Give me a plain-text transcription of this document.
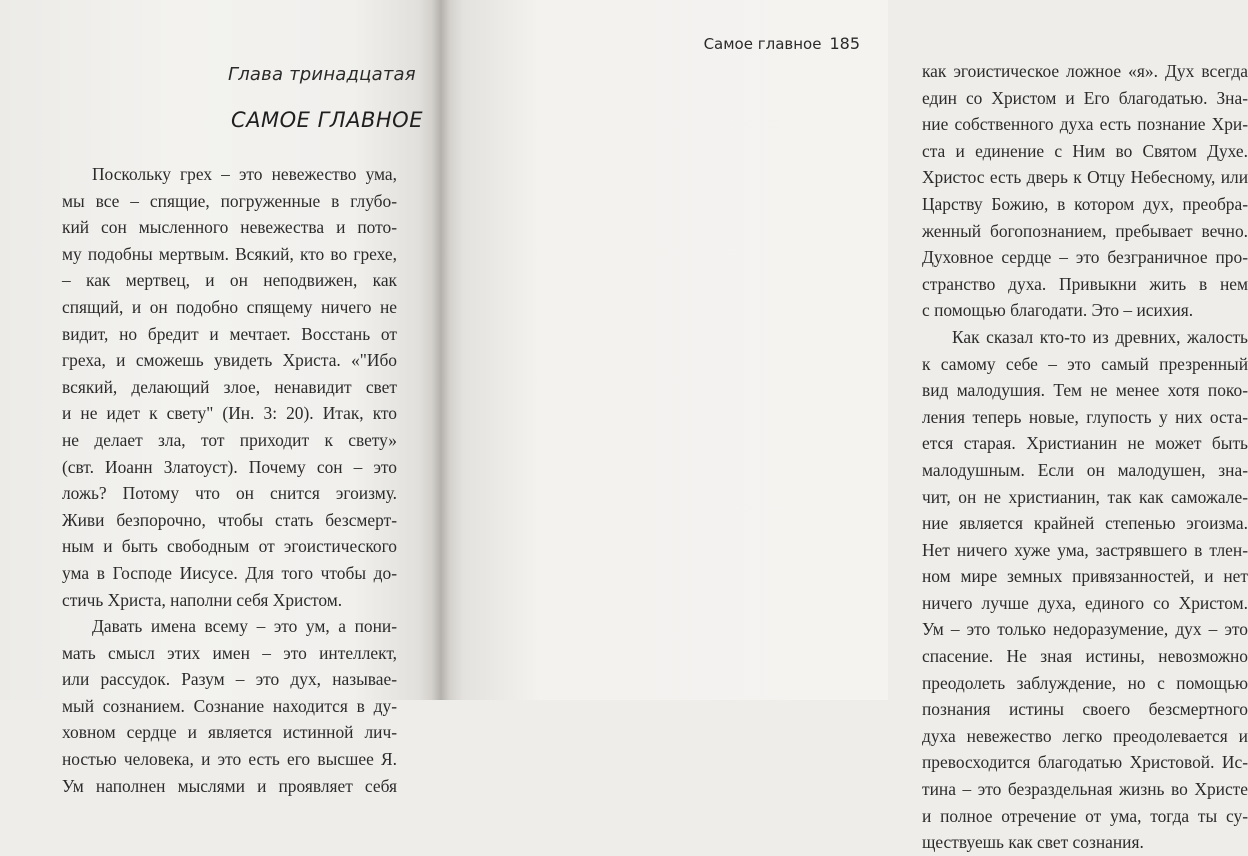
Глава тринадцатая
САМОЕ ГЛАВНОЕ
Поскольку грех – это невежество ума,
мы все – спящие, погруженные в глубо-
кий сон мысленного невежества и пото-
му подобны мертвым. Всякий, кто во грехе,
– как мертвец, и он неподвижен, как
спящий, и он подобно спящему ничего не
видит, но бредит и мечтает. Восстань от
греха, и сможешь увидеть Христа. «"Ибо
всякий, делающий злое, ненавидит свет
и не идет к свету" (Ин. 3: 20). Итак, кто
не делает зла, тот приходит к свету»
(свт. Иоанн Златоуст). Почему сон – это
ложь? Потому что он снится эгоизму.
Живи безпорочно, чтобы стать безсмерт-
ным и быть свободным от эгоистического
ума в Господе Иисусе. Для того чтобы до-
стичь Христа, наполни себя Христом.
Давать имена всему – это ум, а пони-
мать смысл этих имен – это интеллект,
или рассудок. Разум – это дух, называе-
мый сознанием. Сознание находится в ду-
ховном сердце и является истинной лич-
ностью человека, и это есть его высшее Я.
Ум наполнен мыслями и проявляет себя
Самое главное 185
как эгоистическое ложное «я». Дух всегда
един со Христом и Его благодатью. Зна-
ние собственного духа есть познание Хри-
ста и единение с Ним во Святом Духе.
Христос есть дверь к Отцу Небесному, или
Царству Божию, в котором дух, преобра-
женный богопознанием, пребывает вечно.
Духовное сердце – это безграничное про-
странство духа. Привыкни жить в нем
с помощью благодати. Это – исихия.
Как сказал кто-то из древних, жалость
к самому себе – это самый презренный
вид малодушия. Тем не менее хотя поко-
ления теперь новые, глупость у них оста-
ется старая. Христианин не может быть
малодушным. Если он малодушен, зна-
чит, он не христианин, так как саможале-
ние является крайней степенью эгоизма.
Нет ничего хуже ума, застрявшего в тлен-
ном мире земных привязанностей, и нет
ничего лучше духа, единого со Христом.
Ум – это только недоразумение, дух – это
спасение. Не зная истины, невозможно
преодолеть заблуждение, но с помощью
познания истины своего безсмертного
духа невежество легко преодолевается и
превосходится благодатью Христовой. Ис-
тина – это безраздельная жизнь во Христе
и полное отречение от ума, тогда ты су-
ществуешь как свет сознания.
